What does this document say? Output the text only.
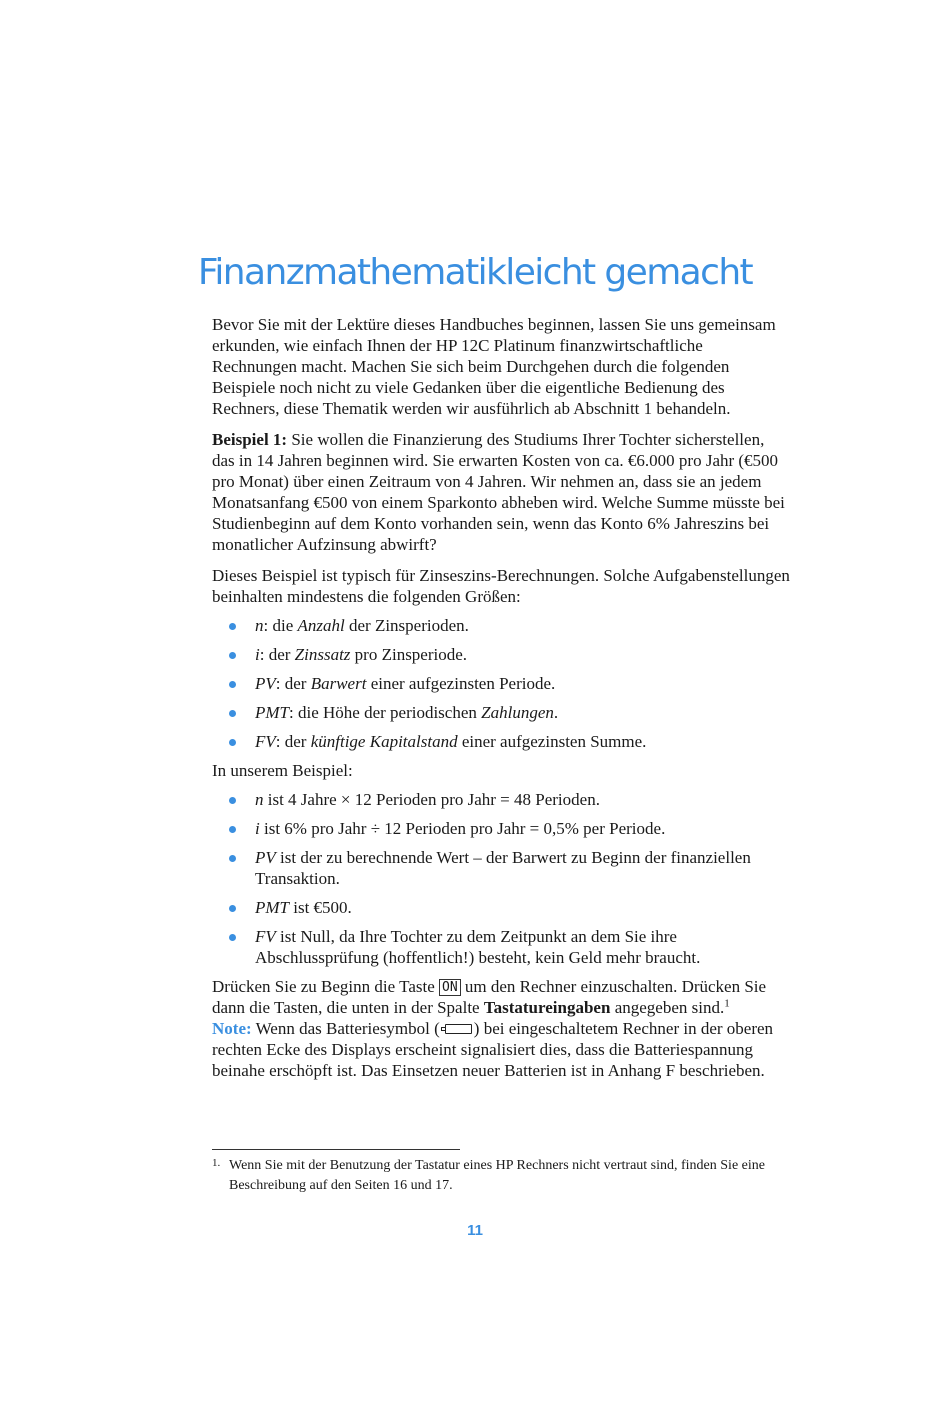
Finanzmathematikleicht gemacht

Bevor Sie mit der Lektüre dieses Handbuches beginnen, lassen Sie uns gemeinsam erkunden, wie einfach Ihnen der HP 12C Platinum finanzwirtschaftliche Rechnungen macht. Machen Sie sich beim Durchgehen durch die folgenden Beispiele noch nicht zu viele Gedanken über die eigentliche Bedienung des Rechners, diese Thematik werden wir ausführlich ab Abschnitt 1 behandeln.

Beispiel 1: Sie wollen die Finanzierung des Studiums Ihrer Tochter sicherstellen, das in 14 Jahren beginnen wird. Sie erwarten Kosten von ca. €6.000 pro Jahr (€500 pro Monat) über einen Zeitraum von 4 Jahren. Wir nehmen an, dass sie an jedem Monatsanfang €500 von einem Sparkonto abheben wird. Welche Summe müsste bei Studienbeginn auf dem Konto vorhanden sein, wenn das Konto 6% Jahreszins bei monatlicher Aufzinsung abwirft?

Dieses Beispiel ist typisch für Zinseszins-Berechnungen. Solche Aufgabenstellungen beinhalten mindestens die folgenden Größen:

n: die Anzahl der Zinsperioden.
i: der Zinssatz pro Zinsperiode.
PV: der Barwert einer aufgezinsten Periode.
PMT: die Höhe der periodischen Zahlungen.
FV: der künftige Kapitalstand einer aufgezinsten Summe.

In unserem Beispiel:

n ist 4 Jahre × 12 Perioden pro Jahr = 48 Perioden.
i ist 6% pro Jahr ÷ 12 Perioden pro Jahr = 0,5% per Periode.
PV ist der zu berechnende Wert – der Barwert zu Beginn der finanziellen Transaktion.
PMT ist €500.
FV ist Null, da Ihre Tochter zu dem Zeitpunkt an dem Sie ihre Abschlussprüfung (hoffentlich!) besteht, kein Geld mehr braucht.

Drücken Sie zu Beginn die Taste ON um den Rechner einzuschalten. Drücken Sie dann die Tasten, die unten in der Spalte Tastatureingaben angegeben sind.$^1$

Note: Wenn das Batteriesymbol ( ) bei eingeschaltetem Rechner in der oberen rechten Ecke des Displays erscheint signalisiert dies, dass die Batteriespannung beinahe erschöpft ist. Das Einsetzen neuer Batterien ist in Anhang F beschrieben.

1. Wenn Sie mit der Benutzung der Tastatur eines HP Rechners nicht vertraut sind, finden Sie eine Beschreibung auf den Seiten 16 und 17.
11
